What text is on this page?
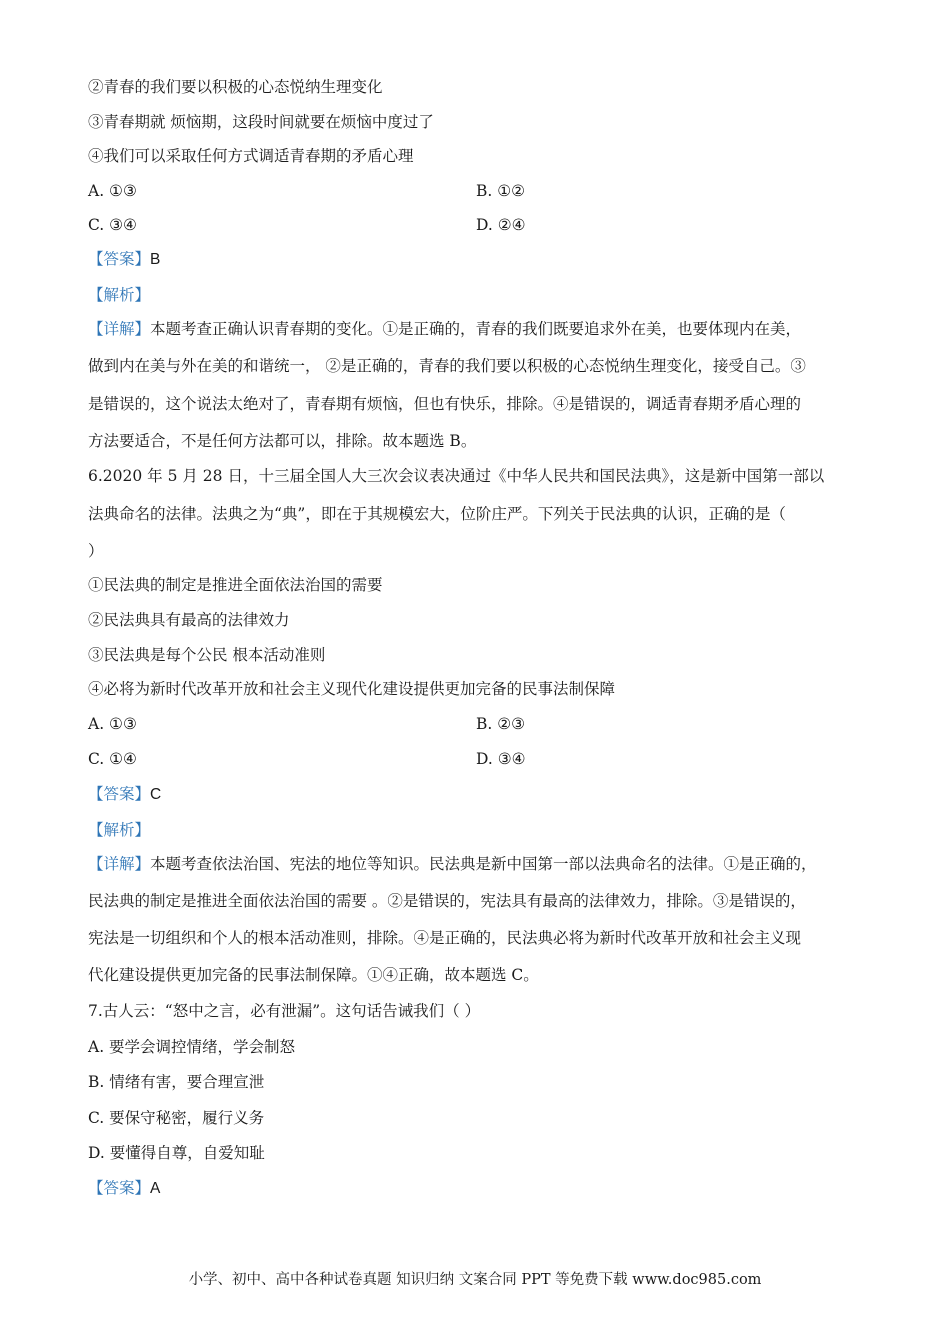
②青春的我们要以积极的心态悦纳生理变化
③青春期就 烦恼期，这段时间就要在烦恼中度过了
④我们可以采取任何方式调适青春期的矛盾心理
A. ①③	B. ①②
C. ③④	D. ②④
【答案】B
【解析】
【详解】本题考查正确认识青春期的变化。①是正确的，青春的我们既要追求外在美，也要体现内在美，
做到内在美与外在美的和谐统一， ②是正确的，青春的我们要以积极的心态悦纳生理变化，接受自己。③
是错误的，这个说法太绝对了，青春期有烦恼，但也有快乐，排除。④是错误的，调适青春期矛盾心理的
方法要适合，不是任何方法都可以，排除。故本题选 B。
6.2020 年 5 月 28 日，十三届全国人大三次会议表决通过《中华人民共和国民法典》，这是新中国第一部以
法典命名的法律。法典之为“典”，即在于其规模宏大，位阶庄严。下列关于民法典的认识，正确的是（
）
①民法典的制定是推进全面依法治国的需要
②民法典具有最高的法律效力
③民法典是每个公民 根本活动准则
④必将为新时代改革开放和社会主义现代化建设提供更加完备的民事法制保障
A. ①③	B. ②③
C. ①④	D. ③④
【答案】C
【解析】
【详解】本题考查依法治国、宪法的地位等知识。民法典是新中国第一部以法典命名的法律。①是正确的，
民法典的制定是推进全面依法治国的需要 。②是错误的，宪法具有最高的法律效力，排除。③是错误的，
宪法是一切组织和个人的根本活动准则，排除。④是正确的，民法典必将为新时代改革开放和社会主义现
代化建设提供更加完备的民事法制保障。①④正确，故本题选 C。
7.古人云：“怒中之言，必有泄漏”。这句话告诫我们（ ）
A. 要学会调控情绪，学会制怒
B. 情绪有害，要合理宣泄
C. 要保守秘密，履行义务
D. 要懂得自尊，自爱知耻
【答案】A
小学、初中、高中各种试卷真题 知识归纳 文案合同 PPT 等免费下载 www.doc985.com
